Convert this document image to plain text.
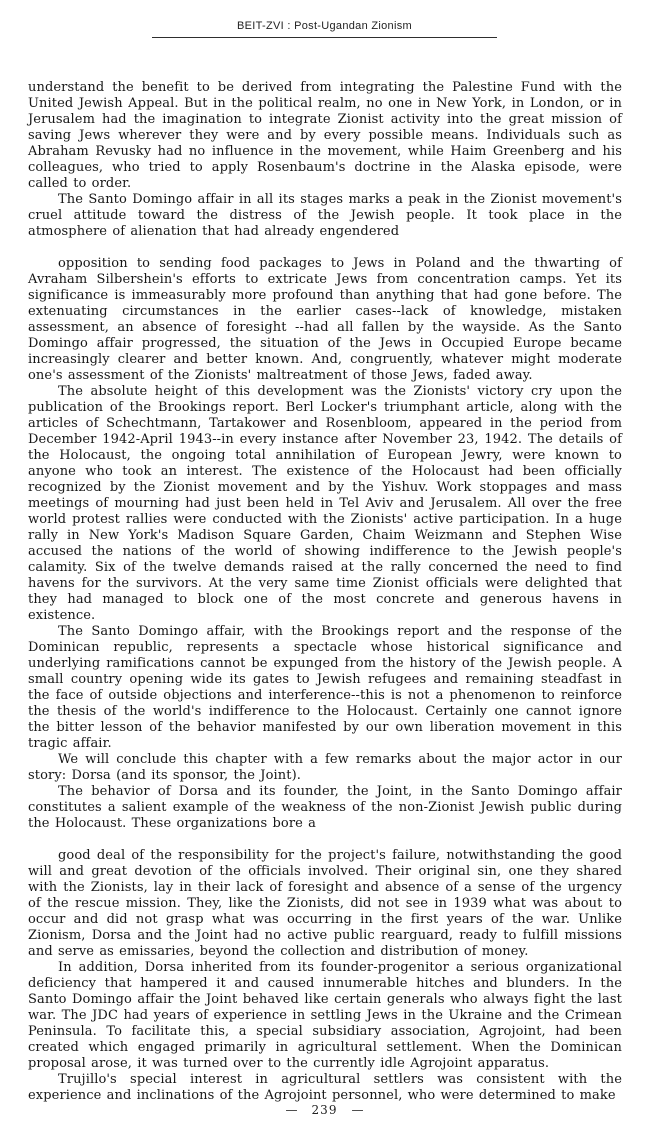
BEIT-ZVI : Post-Ugandan Zionism

understand the benefit to be derived from integrating the Palestine Fund with the United Jewish Appeal. But in the political realm, no one in New York, in London, or in Jerusalem had the imagination to integrate Zionist activity into the great mission of saving Jews wherever they were and by every possible means. Individuals such as Abraham Revusky had no influence in the movement, while Haim Greenberg and his colleagues, who tried to apply Rosenbaum's doctrine in the Alaska episode, were called to order.

The Santo Domingo affair in all its stages marks a peak in the Zionist movement's cruel attitude toward the distress of the Jewish people. It took place in the atmosphere of alienation that had already engendered

opposition to sending food packages to Jews in Poland and the thwarting of Avraham Silbershein's efforts to extricate Jews from concentration camps. Yet its significance is immeasurably more profound than anything that had gone before. The extenuating circumstances in the earlier cases--lack of knowledge, mistaken assessment, an absence of foresight --had all fallen by the wayside. As the Santo Domingo affair progressed, the situation of the Jews in Occupied Europe became increasingly clearer and better known. And, congruently, whatever might moderate one's assessment of the Zionists' maltreatment of those Jews, faded away.

The absolute height of this development was the Zionists' victory cry upon the publication of the Brookings report. Berl Locker's triumphant article, along with the articles of Schechtmann, Tartakower and Rosenbloom, appeared in the period from December 1942-April 1943--in every instance after November 23, 1942. The details of the Holocaust, the ongoing total annihilation of European Jewry, were known to anyone who took an interest. The existence of the Holocaust had been officially recognized by the Zionist movement and by the Yishuv. Work stoppages and mass meetings of mourning had just been held in Tel Aviv and Jerusalem. All over the free world protest rallies were conducted with the Zionists' active participation. In a huge rally in New York's Madison Square Garden, Chaim Weizmann and Stephen Wise accused the nations of the world of showing indifference to the Jewish people's calamity. Six of the twelve demands raised at the rally concerned the need to find havens for the survivors. At the very same time Zionist officials were delighted that they had managed to block one of the most concrete and generous havens in existence.

The Santo Domingo affair, with the Brookings report and the response of the Dominican republic, represents a spectacle whose historical significance and underlying ramifications cannot be expunged from the history of the Jewish people. A small country opening wide its gates to Jewish refugees and remaining steadfast in the face of outside objections and interference--this is not a phenomenon to reinforce the thesis of the world's indifference to the Holocaust. Certainly one cannot ignore the bitter lesson of the behavior manifested by our own liberation movement in this tragic affair.

We will conclude this chapter with a few remarks about the major actor in our story: Dorsa (and its sponsor, the Joint).

The behavior of Dorsa and its founder, the Joint, in the Santo Domingo affair constitutes a salient example of the weakness of the non-Zionist Jewish public during the Holocaust. These organizations bore a

good deal of the responsibility for the project's failure, notwithstanding the good will and great devotion of the officials involved. Their original sin, one they shared with the Zionists, lay in their lack of foresight and absence of a sense of the urgency of the rescue mission. They, like the Zionists, did not see in 1939 what was about to occur and did not grasp what was occurring in the first years of the war. Unlike Zionism, Dorsa and the Joint had no active public rearguard, ready to fulfill missions and serve as emissaries, beyond the collection and distribution of money.

In addition, Dorsa inherited from its founder-progenitor a serious organizational deficiency that hampered it and caused innumerable hitches and blunders. In the Santo Domingo affair the Joint behaved like certain generals who always fight the last war. The JDC had years of experience in settling Jews in the Ukraine and the Crimean Peninsula. To facilitate this, a special subsidiary association, Agrojoint, had been created which engaged primarily in agricultural settlement. When the Dominican proposal arose, it was turned over to the currently idle Agrojoint apparatus.

Trujillo's special interest in agricultural settlers was consistent with the experience and inclinations of the Agrojoint personnel, who were determined to make

— 239 —
